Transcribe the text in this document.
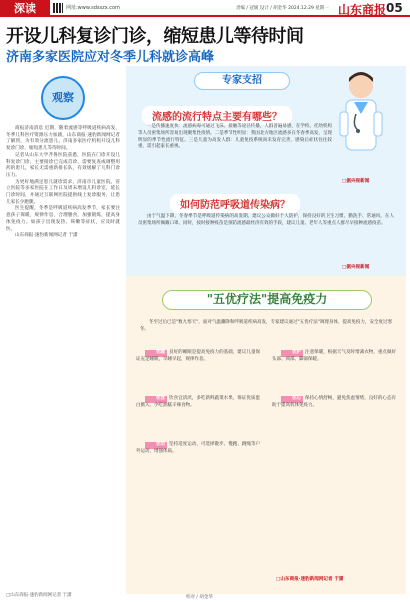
深读	网址:www.sdsszx.com	责编 / 冠媛 设计 / 胡金华 2024.12.29 星期一 山东商报 05
开设儿科复诊门诊，缩短患儿等待时间
济南多家医院应对冬季儿科就诊高峰
观察

商报济南消息 近期，随着流感等呼吸道疾病高发，冬季儿科医疗资源压力加剧，山东商报·速豹新闻网记者了解到，为有效分流患儿，济南多家医疗机构开设儿科复诊门诊，缩短患儿等待时间。

记者从山东大学齐鲁医院获悉，医院在门诊开设儿科复诊门诊，主要接诊已完成首诊、需要复查或调整用药的患儿，家长无需重新排长队，有效缓解了儿科门诊压力。

为更好地满足患儿就诊需求，济南市儿童医院、省立医院等多家医院在工作日及周末增设儿科诊室，延长门诊时间，并通过互联网医院提供线上复诊服务，让患儿家长少跑腿。

医生提醒，冬季是呼吸道疾病高发季节，家长要注意孩子保暖，规律作息，合理膳食，加强锻炼，提高身体免疫力。如孩子出现发热、咳嗽等症状，应及时就医。

山东商报·速豹新闻网记者 于潇

□山东商报·速豹新闻网记者 于潇
专家支招
流感的流行特点主要有哪些？

一是传播速度快：流感病毒可通过飞沫、接触等途径传播，人群普遍易感，在学校、托幼机构等人员密集场所容易出现聚集性疫情。二是季节性明显：我国北方地区流感多在冬春季高发，呈现明显的季节性流行特征。三是儿童为高发人群：儿童免疫系统尚未发育完善，感染后症状往往较重，需引起家长重视。

□据央视新闻
如何防范呼吸道传染病？

由于气温下降，冬春季节是呼吸道传染病的高发期。建议公众做好个人防护，保持良好的卫生习惯，勤洗手、常通风，在人员密集场所佩戴口罩。同时，按时接种疫苗是预防流感最经济有效的手段，建议儿童、老年人等重点人群尽早接种流感疫苗。

□据央视新闻
"五优疗法"提高免疫力

冬至过后已是"数九寒天"，面对气温骤降和呼吸道疾病高发，专家建议通过"五优疗法"调理身体，提高免疫力，安全度过寒冬。

优睡 良好的睡眠是提高免疫力的基础，建议儿童保证充足睡眠，早睡早起，规律作息。
优食 饮食宜清淡，多吃新鲜蔬菜水果，保证优质蛋白摄入，少吃油腻辛辣食物。
优动 坚持适度运动，可选择散步、慢跑、跳绳等户外运动，增强体质。
优护 注意保暖，根据天气及时增减衣物，重点做好头部、颈部、脚部保暖。
优心 保持心情舒畅，避免焦虑情绪，良好的心态有助于提高机体免疫力。
□山东商报·速豹新闻网记者 于潇
校对 / 胡金华
